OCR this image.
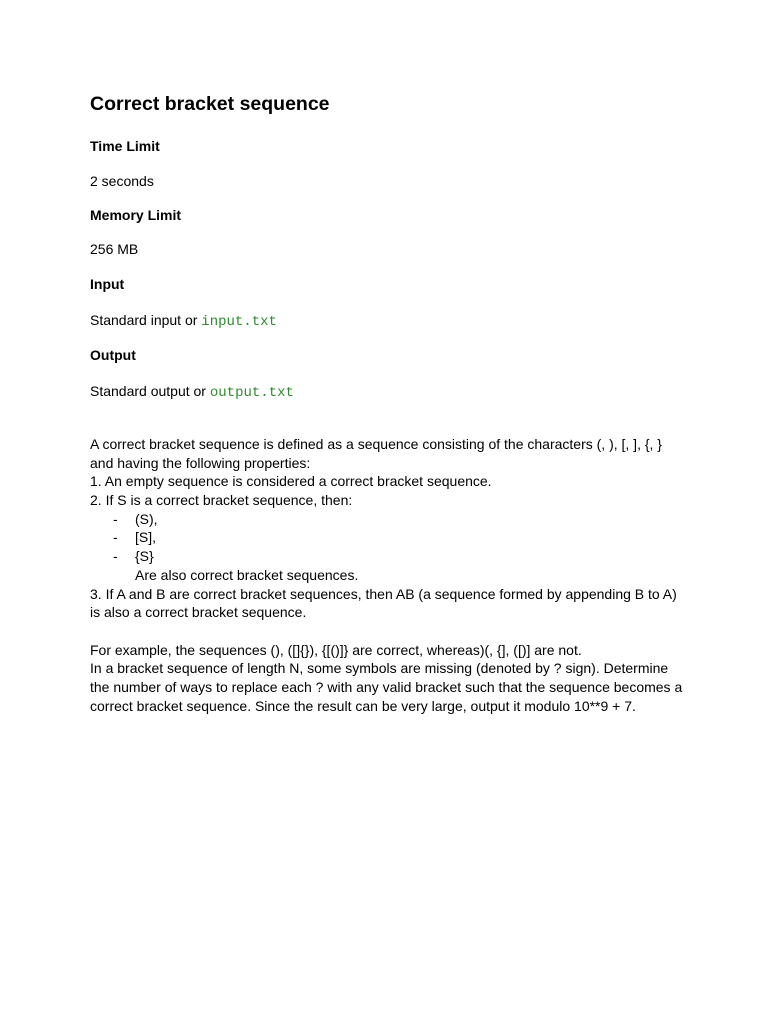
Correct bracket sequence
Time Limit
2 seconds
Memory Limit
256 MB
Input
Standard input or input.txt
Output
Standard output or output.txt
A correct bracket sequence is defined as a sequence consisting of the characters (, ), [, ], {, }
and having the following properties:
1. An empty sequence is considered a correct bracket sequence.
2. If S is a correct bracket sequence, then:
- (S),
- [S],
- {S}
Are also correct bracket sequences.
3. If A and B are correct bracket sequences, then AB (a sequence formed by appending B to A)
is also a correct bracket sequence.
For example, the sequences (), ([]{}), {[()]} are correct, whereas)(, {], ([)] are not.
In a bracket sequence of length N, some symbols are missing (denoted by ? sign). Determine
the number of ways to replace each ? with any valid bracket such that the sequence becomes a
correct bracket sequence. Since the result can be very large, output it modulo 10**9 + 7.
